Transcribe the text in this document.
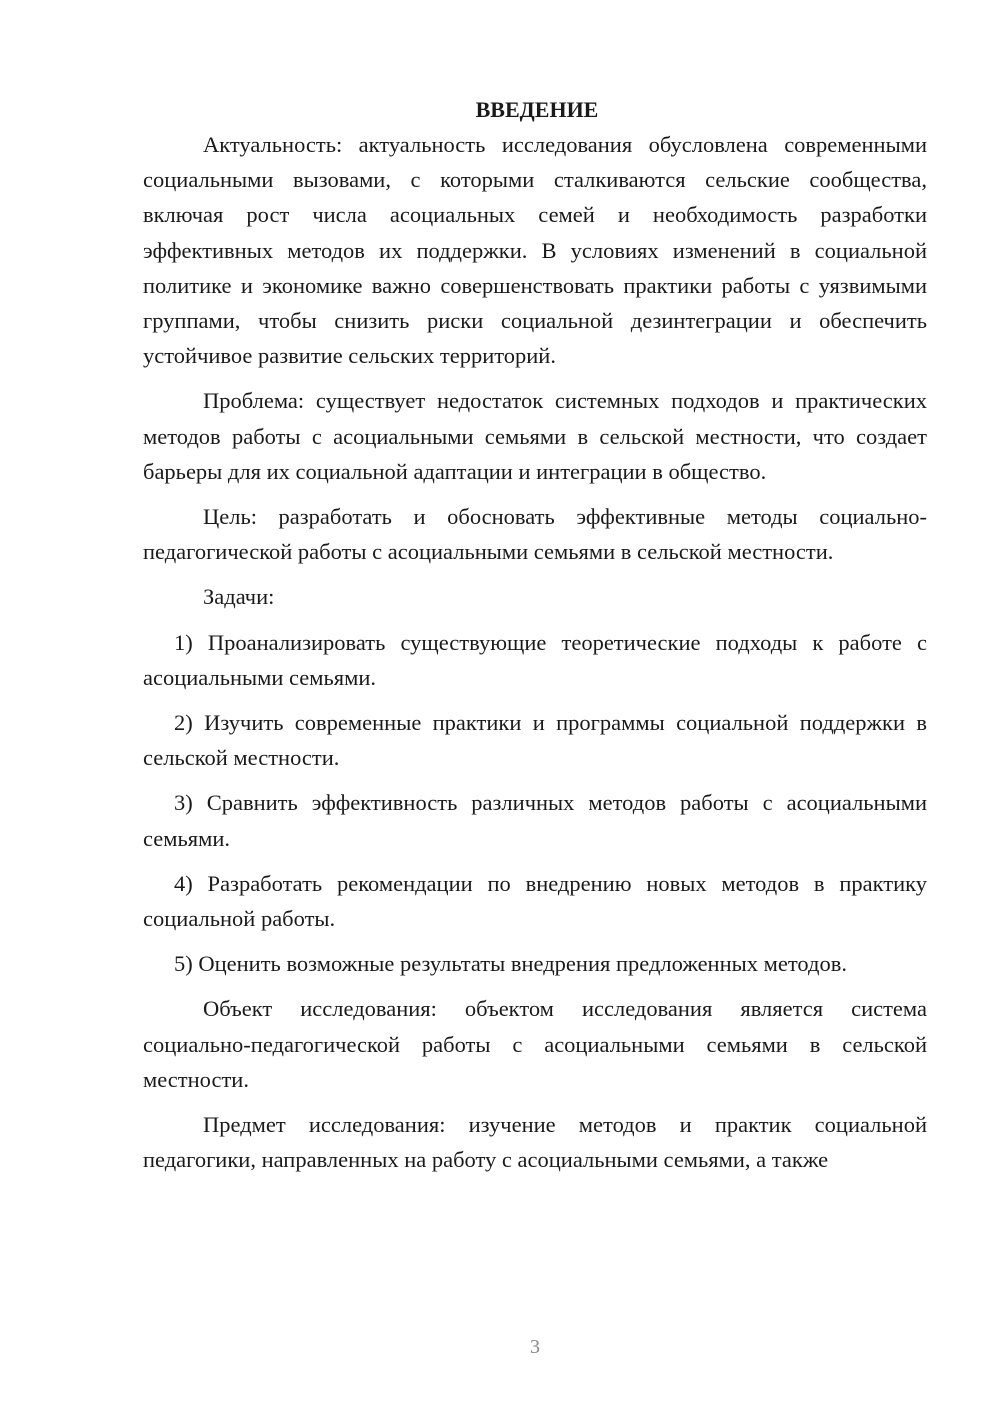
ВВЕДЕНИЕ

Актуальность: актуальность исследования обусловлена современными социальными вызовами, с которыми сталкиваются сельские сообщества, включая рост числа асоциальных семей и необходимость разработки эффективных методов их поддержки. В условиях изменений в социальной политике и экономике важно совершенствовать практики работы с уязвимыми группами, чтобы снизить риски социальной дезинтеграции и обеспечить устойчивое развитие сельских территорий.

Проблема: существует недостаток системных подходов и практических методов работы с асоциальными семьями в сельской местности, что создает барьеры для их социальной адаптации и интеграции в общество.

Цель: разработать и обосновать эффективные методы социально-педагогической работы с асоциальными семьями в сельской местности.

Задачи:

1) Проанализировать существующие теоретические подходы к работе с асоциальными семьями.

2) Изучить современные практики и программы социальной поддержки в сельской местности.

3) Сравнить эффективность различных методов работы с асоциальными семьями.

4) Разработать рекомендации по внедрению новых методов в практику социальной работы.

5) Оценить возможные результаты внедрения предложенных методов.

Объект исследования: объектом исследования является система социально-педагогической работы с асоциальными семьями в сельской местности.

Предмет исследования: изучение методов и практик социальной педагогики, направленных на работу с асоциальными семьями, а также

3
